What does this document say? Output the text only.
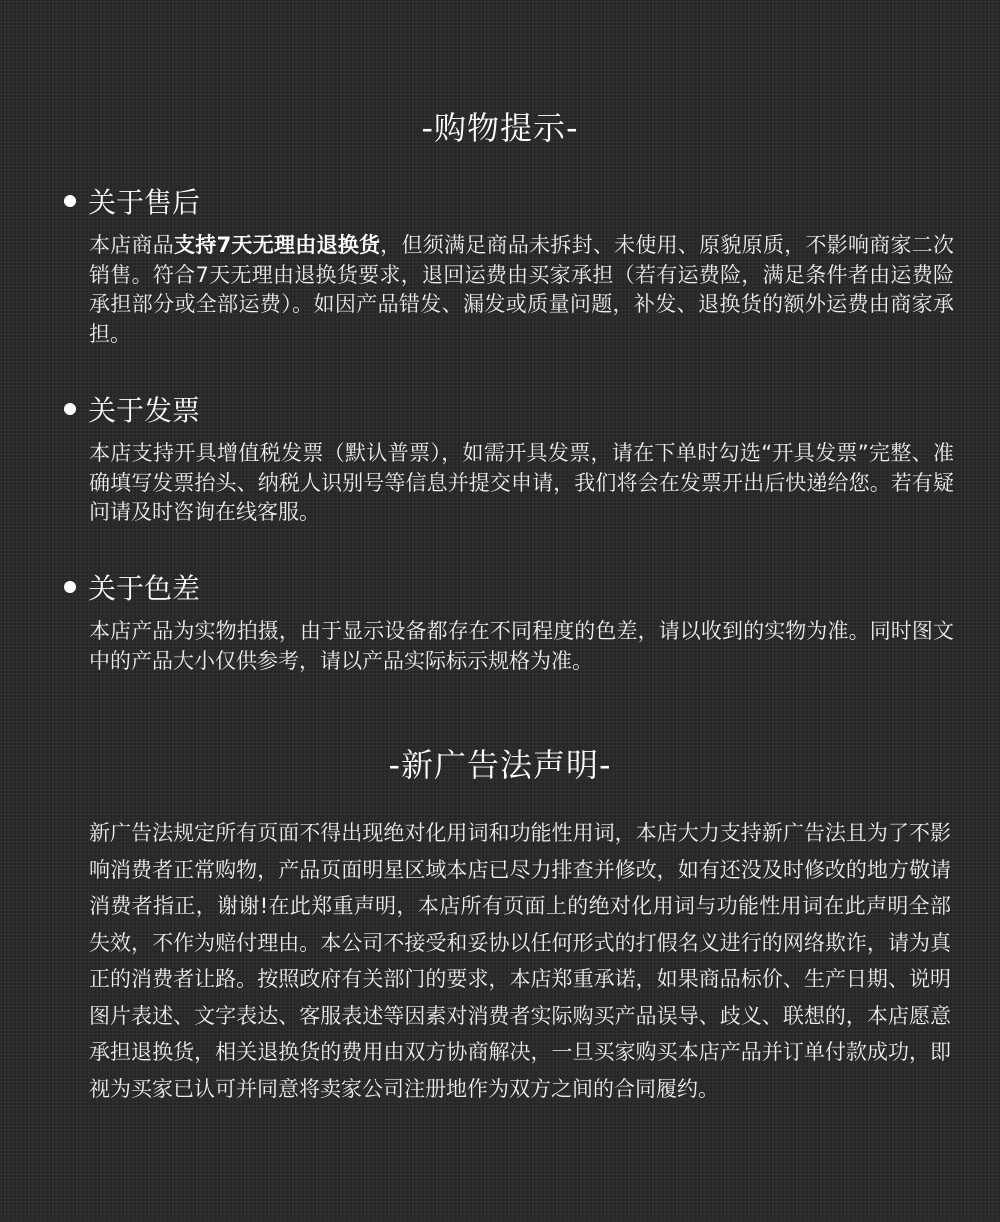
-购物提示-
关于售后
本店商品支持7天无理由退换货，但须满足商品未拆封、未使用、原貌原质，不影响商家二次销售。符合7天无理由退换货要求，退回运费由买家承担（若有运费险，满足条件者由运费险承担部分或全部运费）。如因产品错发、漏发或质量问题，补发、退换货的额外运费由商家承担。
关于发票
本店支持开具增值税发票（默认普票），如需开具发票，请在下单时勾选“开具发票”完整、准确填写发票抬头、纳税人识别号等信息并提交申请，我们将会在发票开出后快递给您。若有疑问请及时咨询在线客服。
关于色差
本店产品为实物拍摄，由于显示设备都存在不同程度的色差，请以收到的实物为准。同时图文中的产品大小仅供参考，请以产品实际标示规格为准。
-新广告法声明-
新广告法规定所有页面不得出现绝对化用词和功能性用词，本店大力支持新广告法且为了不影响消费者正常购物，产品页面明星区域本店已尽力排查并修改，如有还没及时修改的地方敬请消费者指正，谢谢!在此郑重声明，本店所有页面上的绝对化用词与功能性用词在此声明全部失效，不作为赔付理由。本公司不接受和妥协以任何形式的打假名义进行的网络欺诈，请为真正的消费者让路。按照政府有关部门的要求，本店郑重承诺，如果商品标价、生产日期、说明图片表述、文字表达、客服表述等因素对消费者实际购买产品误导、歧义、联想的，本店愿意承担退换货，相关退换货的费用由双方协商解决，一旦买家购买本店产品并订单付款成功，即视为买家已认可并同意将卖家公司注册地作为双方之间的合同履约。
